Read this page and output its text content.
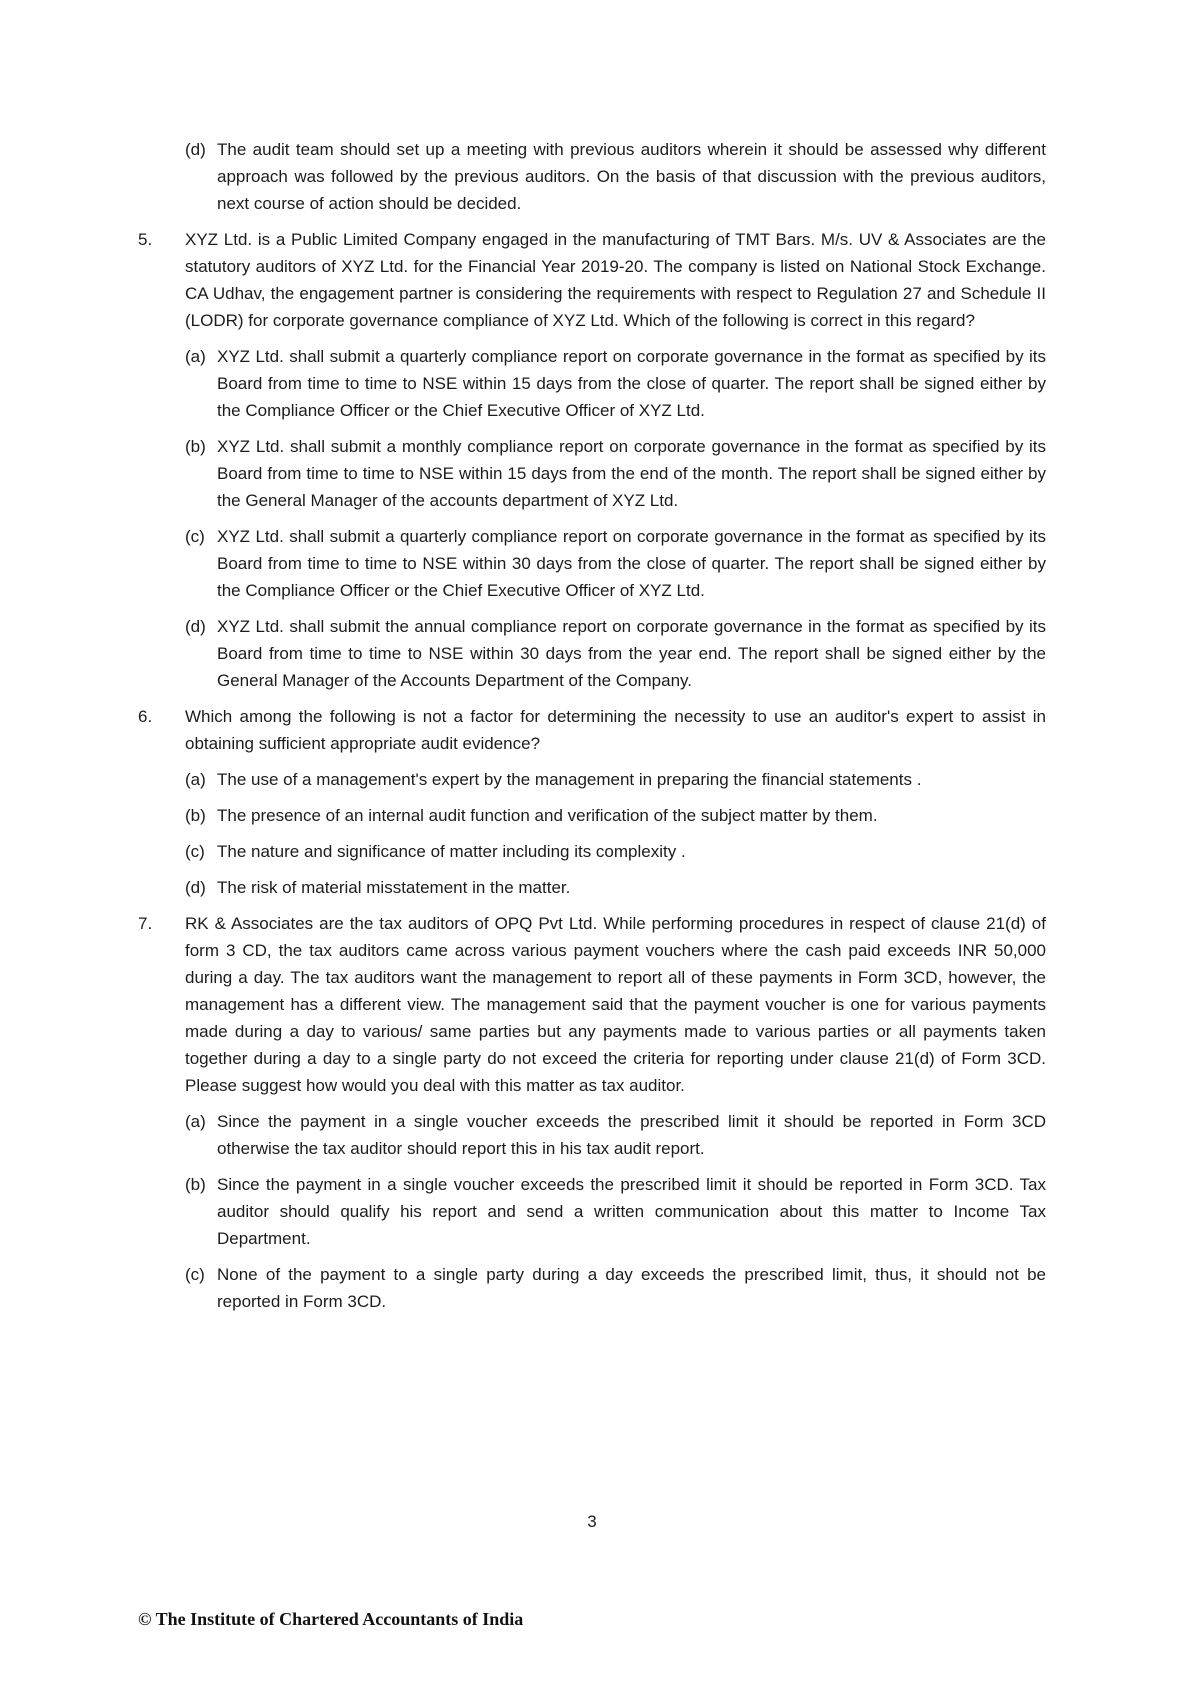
(d) The audit team should set up a meeting with previous auditors wherein it should be assessed why different approach was followed by the previous auditors. On the basis of that discussion with the previous auditors, next course of action should be decided.

5.	XYZ Ltd. is a Public Limited Company engaged in the manufacturing of TMT Bars. M/s. UV & Associates are the statutory auditors of XYZ Ltd. for the Financial Year 2019-20. The company is listed on National Stock Exchange. CA Udhav, the engagement partner is considering the requirements with respect to Regulation 27 and Schedule II (LODR) for corporate governance compliance of XYZ Ltd. Which of the following is correct in this regard?

(a) XYZ Ltd. shall submit a quarterly compliance report on corporate governance in the format as specified by its Board from time to time to NSE within 15 days from the close of quarter. The report shall be signed either by the Compliance Officer or the Chief Executive Officer of XYZ Ltd.

(b) XYZ Ltd. shall submit a monthly compliance report on corporate governance in the format as specified by its Board from time to time to NSE within 15 days from the end of the month. The report shall be signed either by the General Manager of the accounts department of XYZ Ltd.

(c) XYZ Ltd. shall submit a quarterly compliance report on corporate governance in the format as specified by its Board from time to time to NSE within 30 days from the close of quarter. The report shall be signed either by the Compliance Officer or the Chief Executive Officer of XYZ Ltd.

(d) XYZ Ltd. shall submit the annual compliance report on corporate governance in the format as specified by its Board from time to time to NSE within 30 days from the year end. The report shall be signed either by the General Manager of the Accounts Department of the Company.

6.	Which among the following is not a factor for determining the necessity to use an auditor's expert to assist in obtaining sufficient appropriate audit evidence?

(a) The use of a management's expert by the management in preparing the financial statements .

(b) The presence of an internal audit function and verification of the subject matter by them.

(c) The nature and significance of matter including its complexity .

(d) The risk of material misstatement in the matter.

7.	RK & Associates are the tax auditors of OPQ Pvt Ltd. While performing procedures in respect of clause 21(d) of form 3 CD, the tax auditors came across various payment vouchers where the cash paid exceeds INR 50,000 during a day. The tax auditors want the management to report all of these payments in Form 3CD, however, the management has a different view. The management said that the payment voucher is one for various payments made during a day to various/ same parties but any payments made to various parties or all payments taken together during a day to a single party do not exceed the criteria for reporting under clause 21(d) of Form 3CD. Please suggest how would you deal with this matter as tax auditor.

(a) Since the payment in a single voucher exceeds the prescribed limit it should be reported in Form 3CD otherwise the tax auditor should report this in his tax audit report.

(b) Since the payment in a single voucher exceeds the prescribed limit it should be reported in Form 3CD. Tax auditor should qualify his report and send a written communication about this matter to Income Tax Department.

(c) None of the payment to a single party during a day exceeds the prescribed limit, thus, it should not be reported in Form 3CD.

3
© The Institute of Chartered Accountants of India
